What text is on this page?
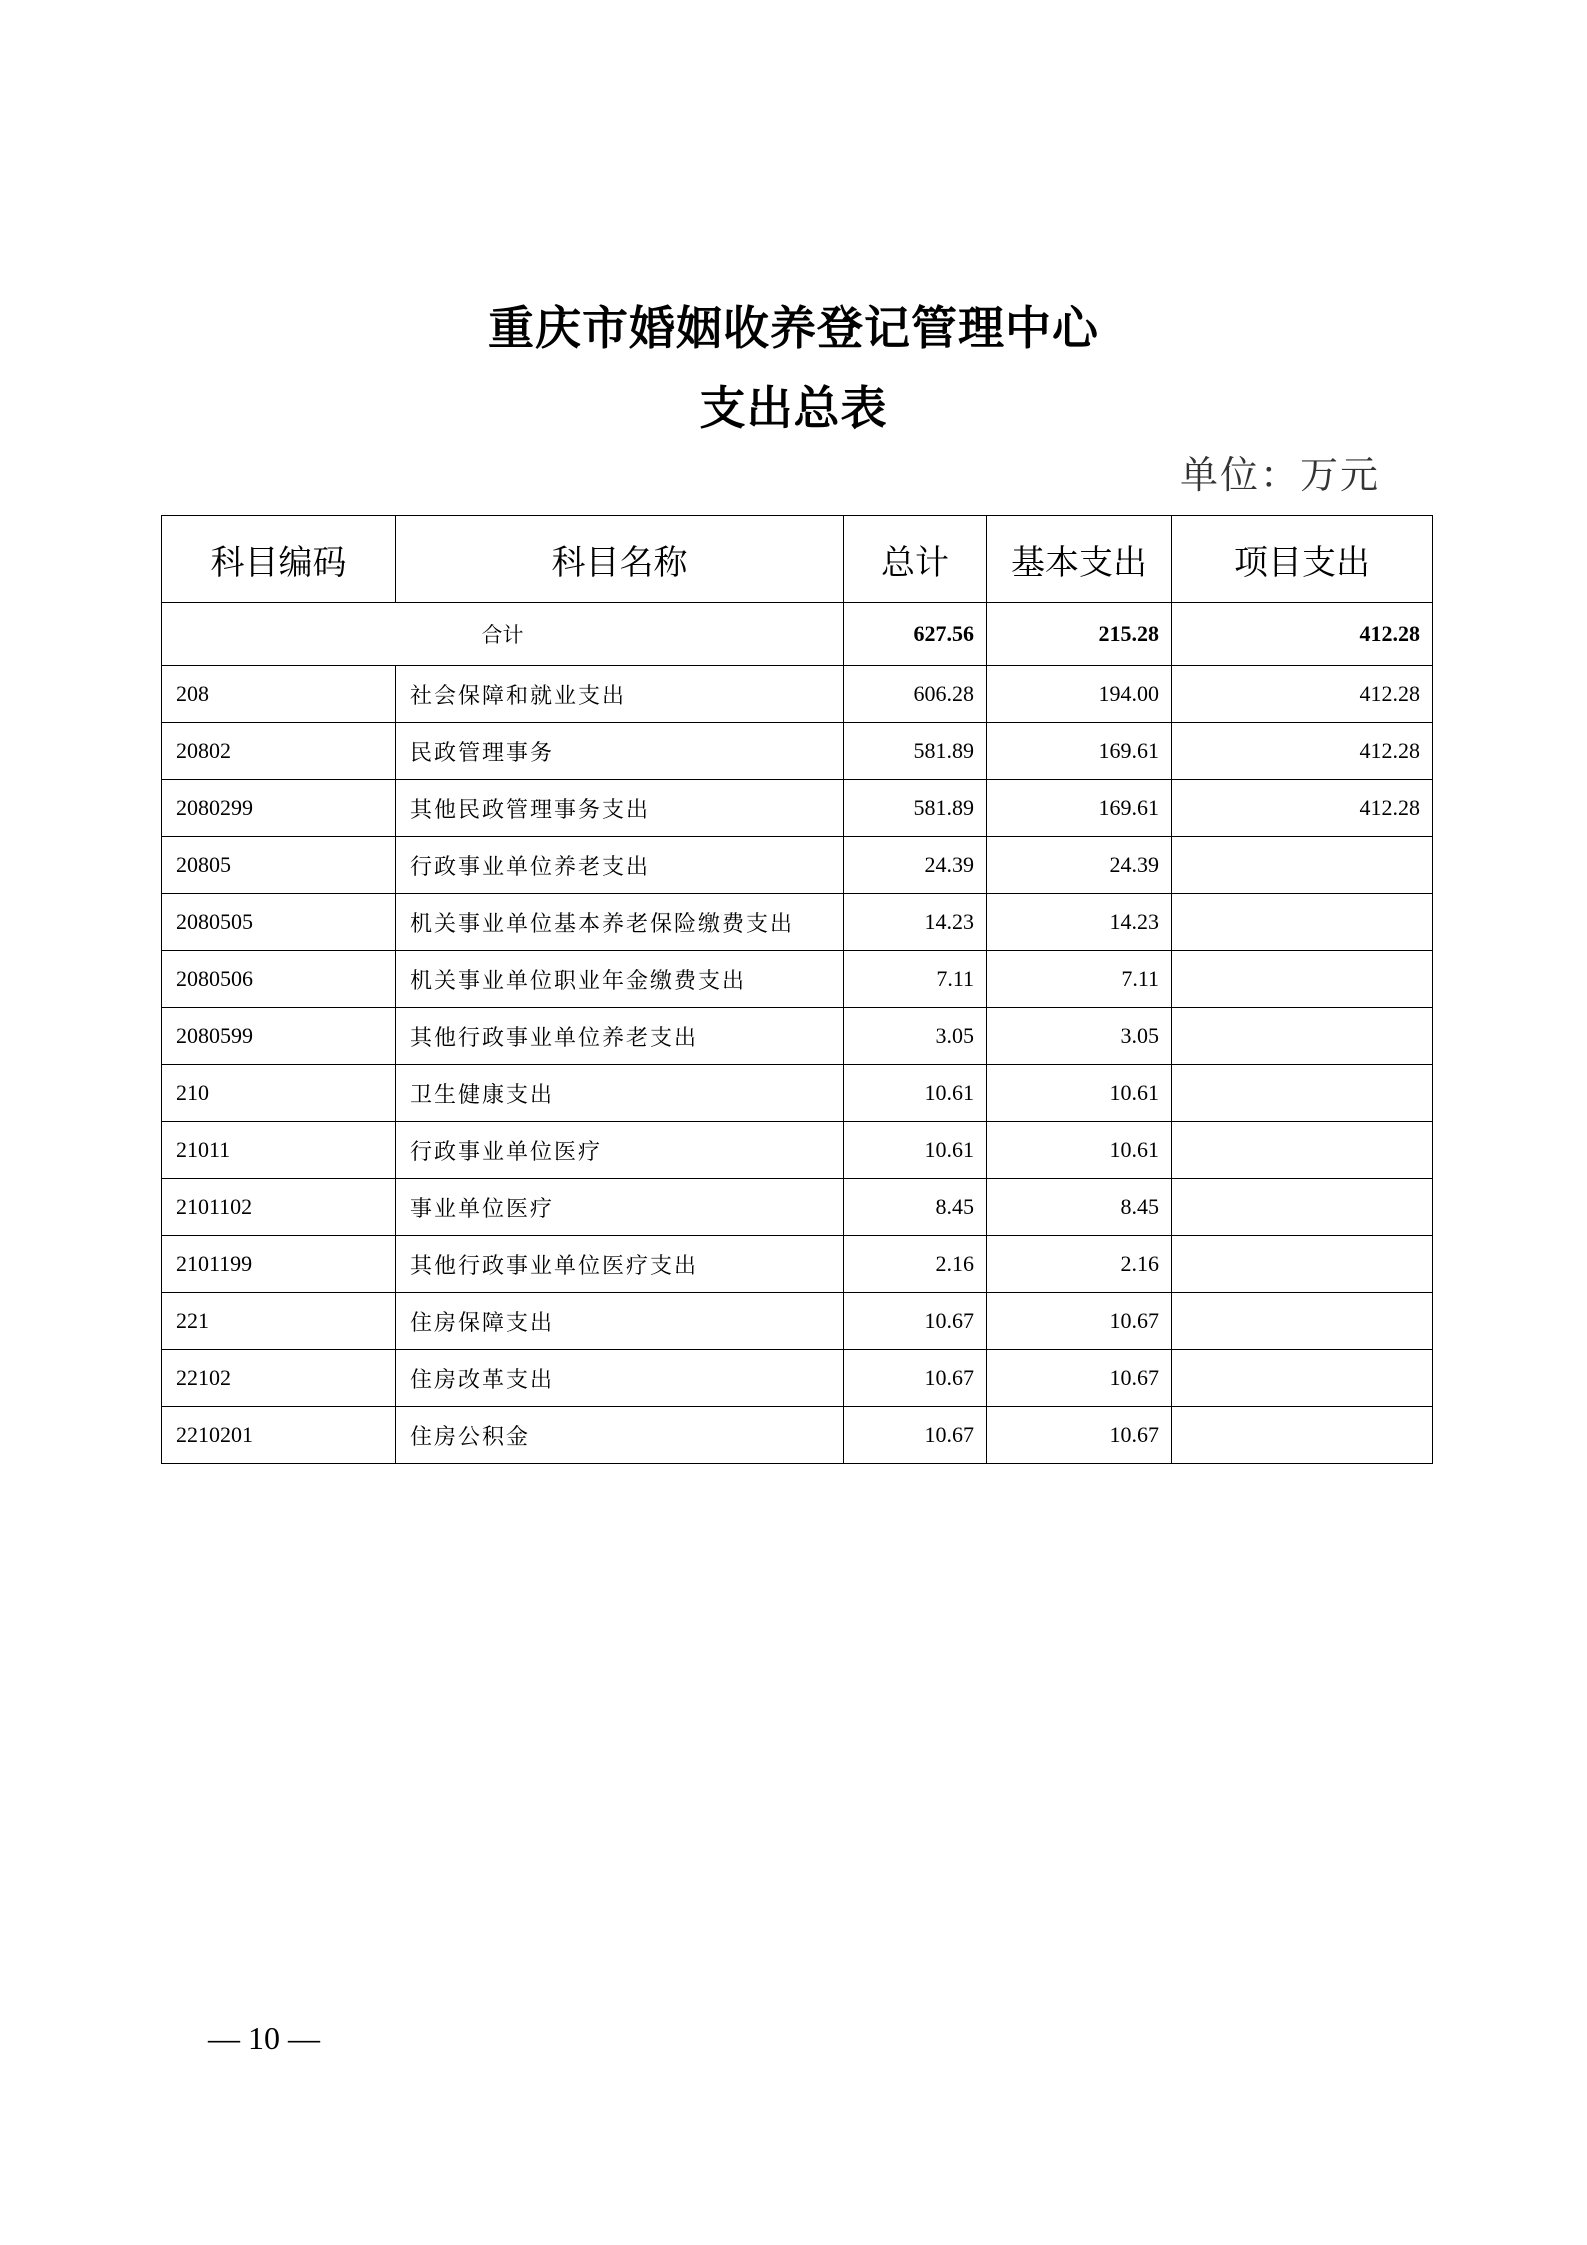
重庆市婚姻收养登记管理中心
支出总表
单位：万元
科目编码	科目名称	总计	基本支出	项目支出
合计		627.56	215.28	412.28
208	社会保障和就业支出	606.28	194.00	412.28
20802	民政管理事务	581.89	169.61	412.28
2080299	其他民政管理事务支出	581.89	169.61	412.28
20805	行政事业单位养老支出	24.39	24.39	
2080505	机关事业单位基本养老保险缴费支出	14.23	14.23	
2080506	机关事业单位职业年金缴费支出	7.11	7.11	
2080599	其他行政事业单位养老支出	3.05	3.05	
210	卫生健康支出	10.61	10.61	
21011	行政事业单位医疗	10.61	10.61	
2101102	事业单位医疗	8.45	8.45	
2101199	其他行政事业单位医疗支出	2.16	2.16	
221	住房保障支出	10.67	10.67	
22102	住房改革支出	10.67	10.67	
2210201	住房公积金	10.67	10.67	
— 10 —
